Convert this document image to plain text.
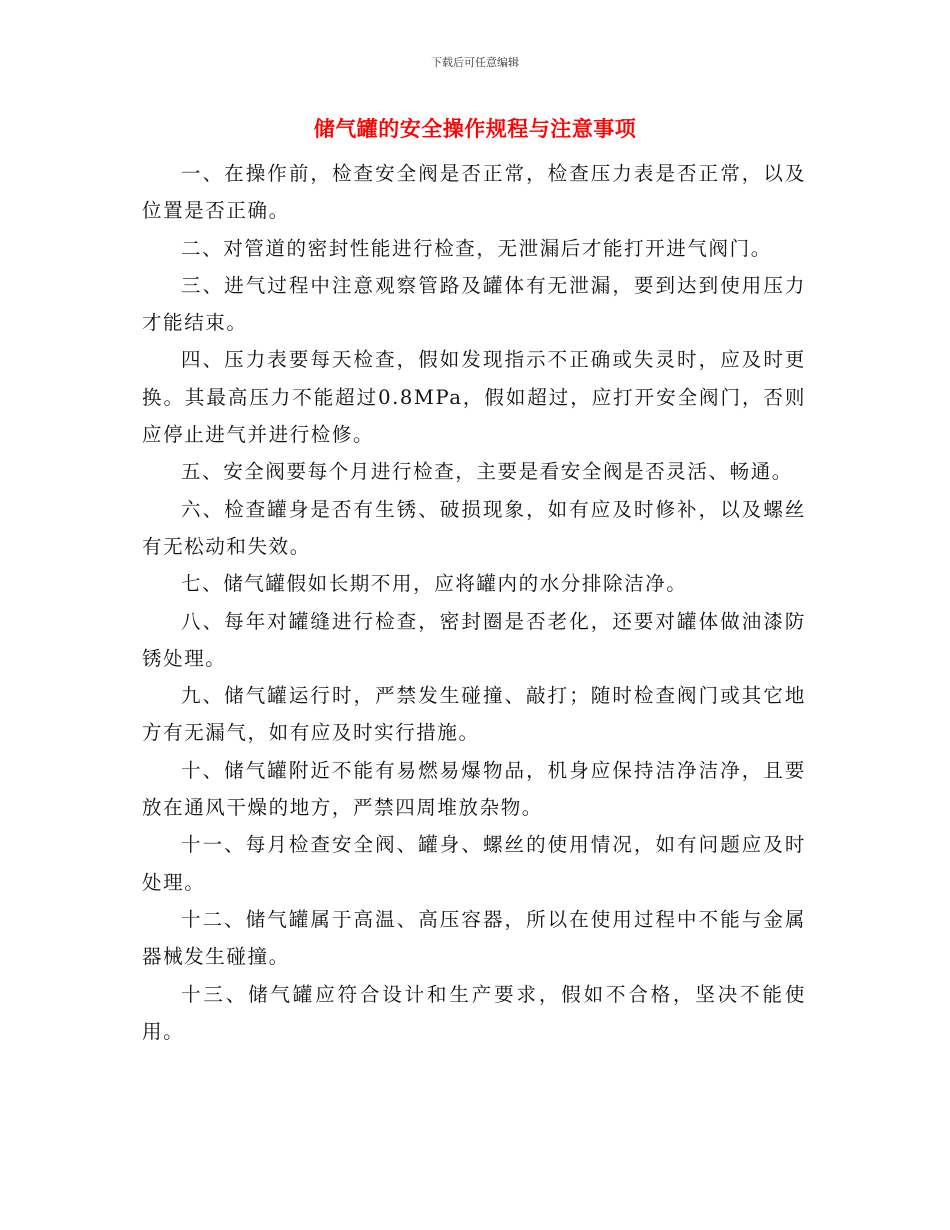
下载后可任意编辑
储气罐的安全操作规程与注意事项

一、在操作前，检查安全阀是否正常，检查压力表是否正常，以及位置是否正确。

二、对管道的密封性能进行检查，无泄漏后才能打开进气阀门。

三、进气过程中注意观察管路及罐体有无泄漏，要到达到使用压力才能结束。

四、压力表要每天检查，假如发现指示不正确或失灵时，应及时更换。其最高压力不能超过0.8MPa，假如超过，应打开安全阀门，否则应停止进气并进行检修。

五、安全阀要每个月进行检查，主要是看安全阀是否灵活、畅通。

六、检查罐身是否有生锈、破损现象，如有应及时修补，以及螺丝有无松动和失效。

七、储气罐假如长期不用，应将罐内的水分排除洁净。

八、每年对罐缝进行检查，密封圈是否老化，还要对罐体做油漆防锈处理。

九、储气罐运行时，严禁发生碰撞、敲打；随时检查阀门或其它地方有无漏气，如有应及时实行措施。

十、储气罐附近不能有易燃易爆物品，机身应保持洁净洁净，且要放在通风干燥的地方，严禁四周堆放杂物。

十一、每月检查安全阀、罐身、螺丝的使用情况，如有问题应及时处理。

十二、储气罐属于高温、高压容器，所以在使用过程中不能与金属器械发生碰撞。

十三、储气罐应符合设计和生产要求，假如不合格，坚决不能使用。
